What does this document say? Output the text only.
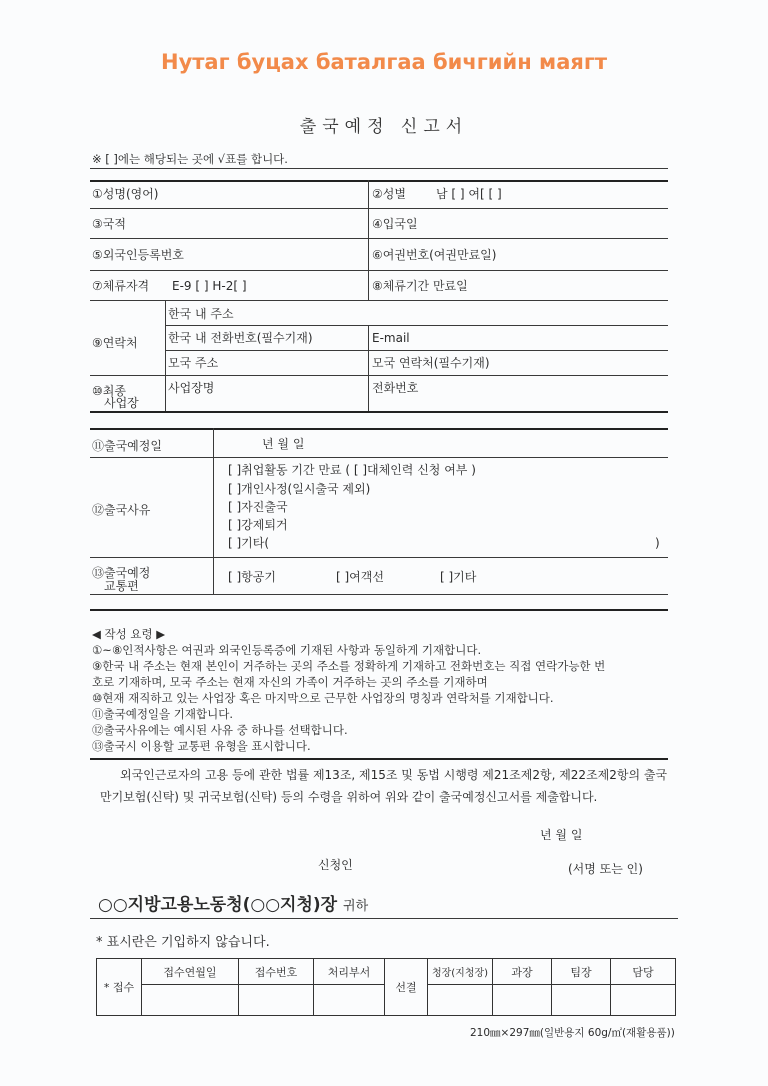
Нутаг буцах баталгаа бичгийн маягт
출국예정 신고서
※ [ ]에는 해당되는 곳에 √표를 합니다.
①성명(영어)	②성별	남 [ ] 여[ [ ]
③국적	④입국일
⑤외국인등록번호	⑥여권번호(여권만료일)
⑦체류자격 E-9 [ ] H-2[ ]	⑧체류기간 만료일
⑨연락처
한국 내 주소
한국 내 전화번호(필수기재)	E-mail
모국 주소	모국 연락처(필수기재)
⑩최종
사업장
사업장명	전화번호
⑪출국예정일	년 월 일
⑫출국사유
[ ]취업활동 기간 만료 ( [ ]대체인력 신청 여부 )
[ ]개인사정(일시출국 제외)
[ ]자진출국
[ ]강제퇴거
[ ]기타(	)
⑬출국예정
교통편
[ ]항공기	[ ]여객선	[ ]기타
◀ 작성 요령 ▶
①~⑧인적사항은 여권과 외국인등록증에 기재된 사항과 동일하게 기재합니다.
⑨한국 내 주소는 현재 본인이 거주하는 곳의 주소를 정확하게 기재하고 전화번호는 직접 연락가능한 번
호로 기재하며, 모국 주소는 현재 자신의 가족이 거주하는 곳의 주소를 기재하며
⑩현재 재직하고 있는 사업장 혹은 마지막으로 근무한 사업장의 명칭과 연락처를 기재합니다.
⑪출국예정일을 기재합니다.
⑫출국사유에는 예시된 사유 중 하나를 선택합니다.
⑬출국시 이용할 교통편 유형을 표시합니다.
외국인근로자의 고용 등에 관한 법률 제13조, 제15조 및 동법 시행령 제21조제2항, 제22조제2항의 출국만기보험(신탁) 및 귀국보험(신탁) 등의 수령을 위하여 위와 같이 출국예정신고서를 제출합니다.
년 월 일
신청인	(서명 또는 인)
○○지방고용노동청(○○지청)장 귀하
* 표시란은 기입하지 않습니다.
* 접수	접수연월일	접수번호	처리부서	선결	청장(지청장)	과장	팀장	담당

210㎜×297㎜(일반용지 60g/㎡(재활용품))
